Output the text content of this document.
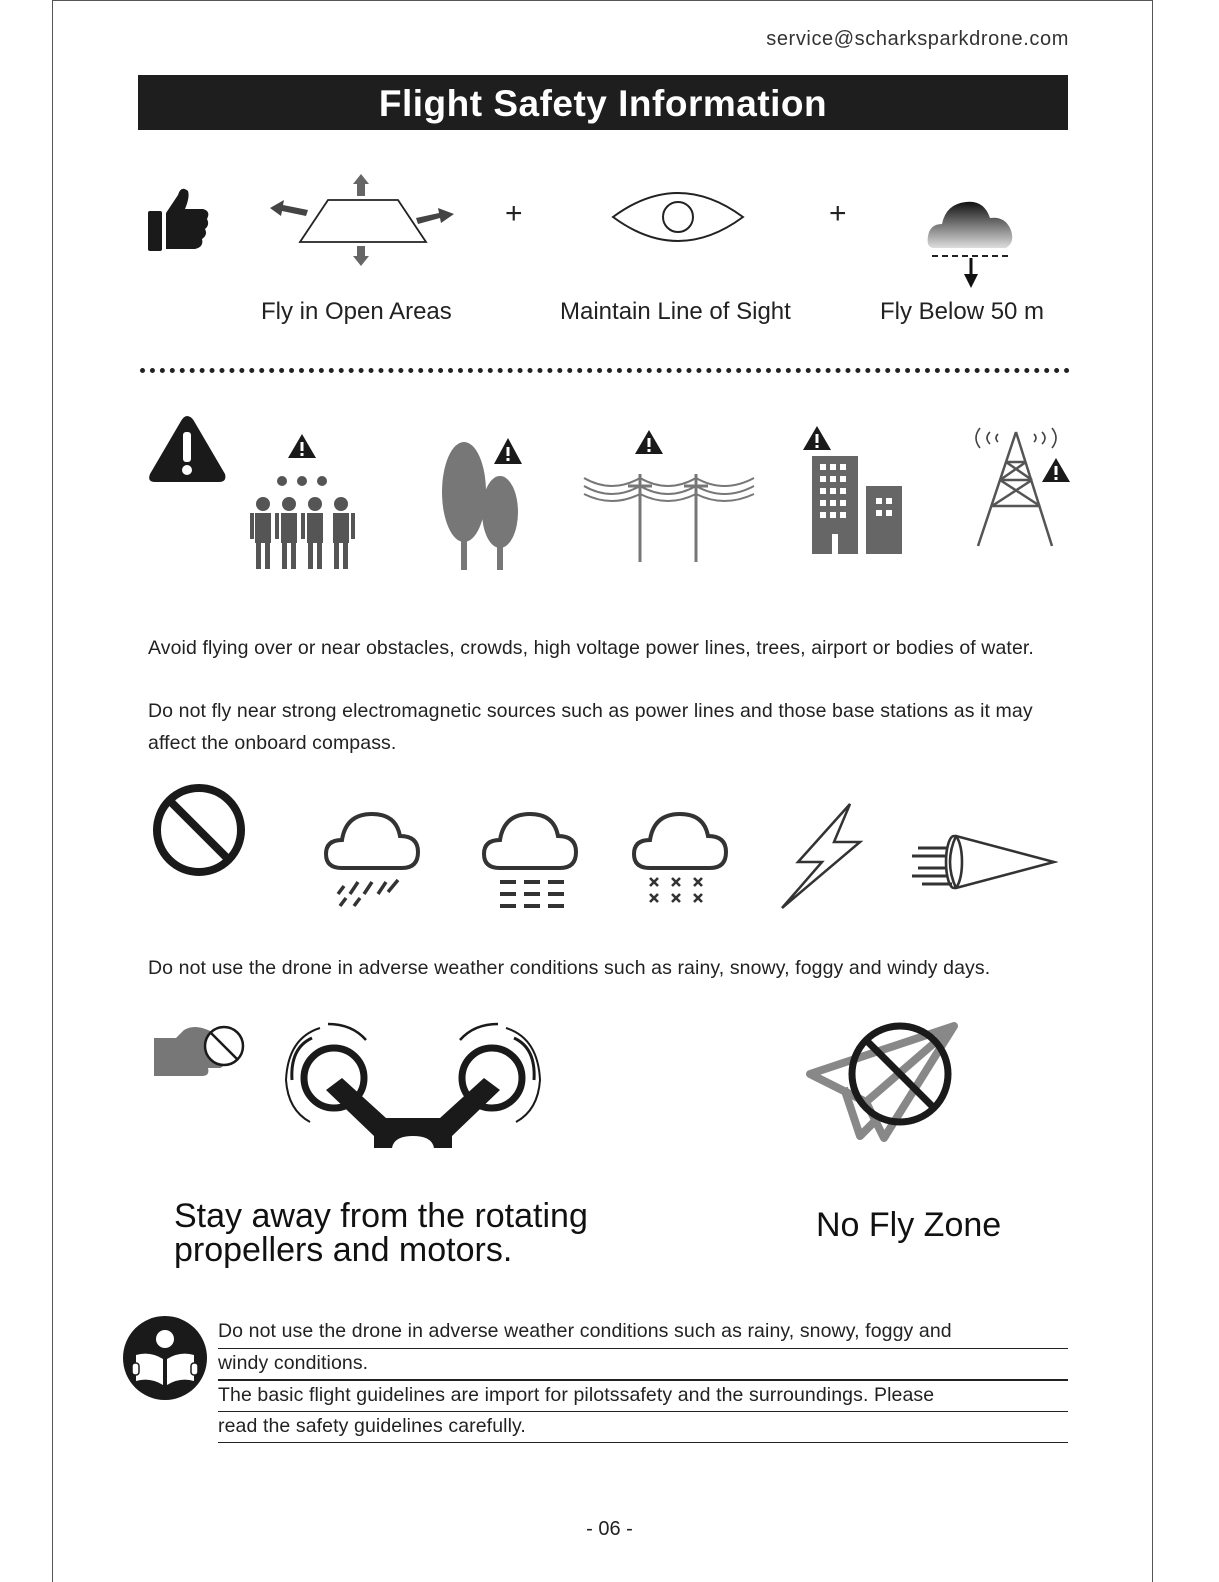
service@scharksparkdrone.com
Flight Safety Information
+	+
Fly in Open Areas	Maintain Line of Sight	Fly Below 50 m
Avoid flying over or near obstacles, crowds, high voltage power lines, trees, airport or bodies of water.
Do not fly near strong electromagnetic sources such as power lines and those base stations as it may affect the onboard compass.
Do not use the drone in adverse weather conditions such as rainy, snowy, foggy and windy days.
Stay away from the rotating
propellers and motors.
No Fly Zone
Do not use the drone in adverse weather conditions such as rainy, snowy, foggy and
windy conditions.
The basic flight guidelines are import for pilotssafety and the surroundings. Please
read the safety guidelines carefully.
- 06 -
